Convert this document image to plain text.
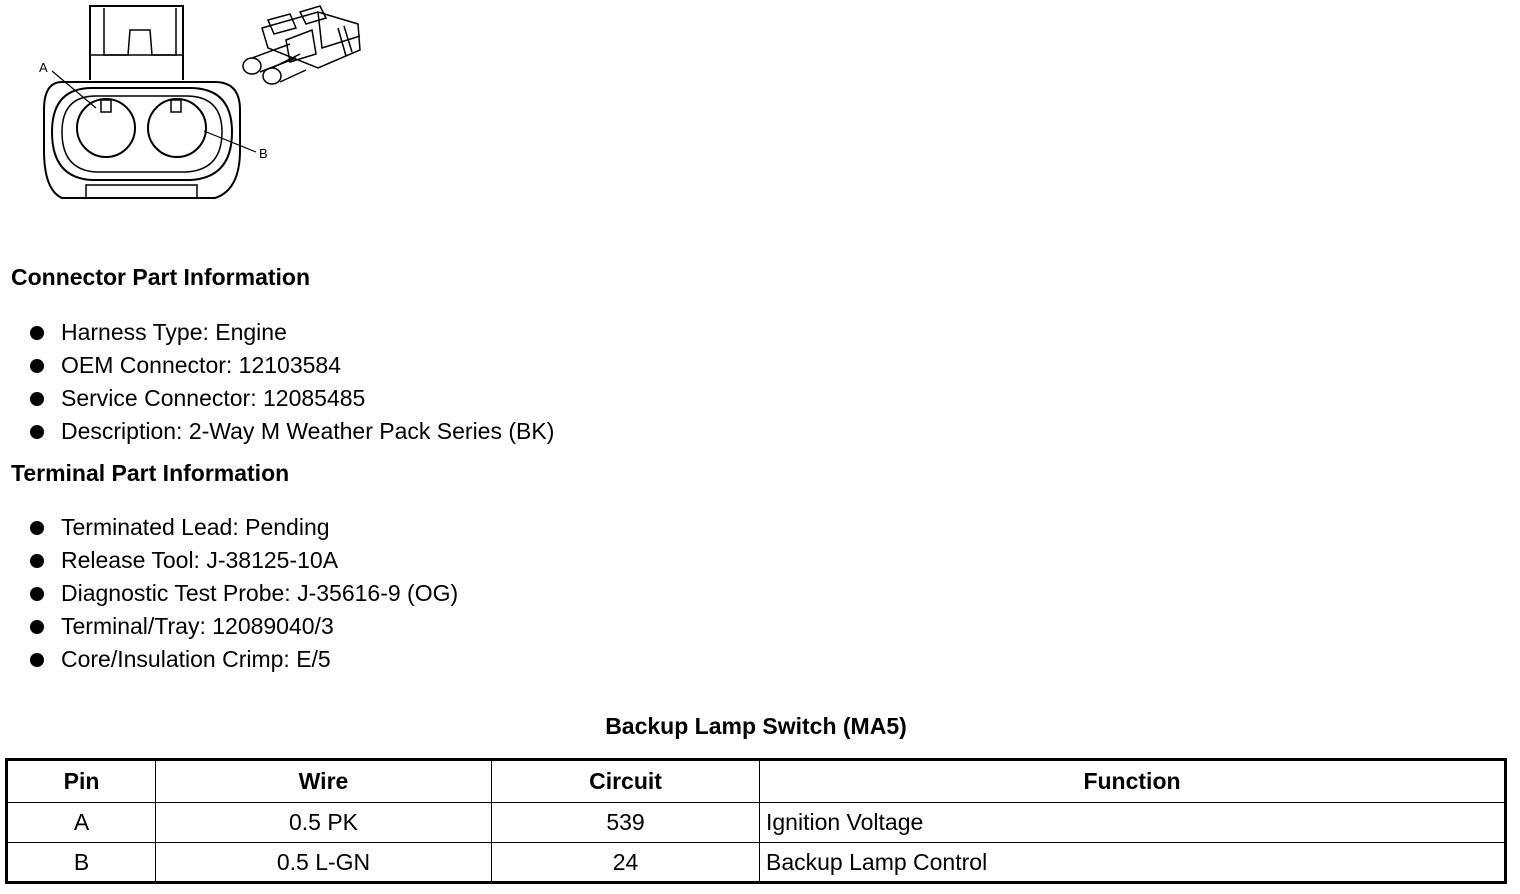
A
B
Connector Part Information
Harness Type: Engine
OEM Connector: 12103584
Service Connector: 12085485
Description: 2-Way M Weather Pack Series (BK)
Terminal Part Information
Terminated Lead: Pending
Release Tool: J-38125-10A
Diagnostic Test Probe: J-35616-9 (OG)
Terminal/Tray: 12089040/3
Core/Insulation Crimp: E/5
Backup Lamp Switch (MA5)
Pin	Wire	Circuit	Function
A	0.5 PK	539	Ignition Voltage
B	0.5 L-GN	24	Backup Lamp Control
